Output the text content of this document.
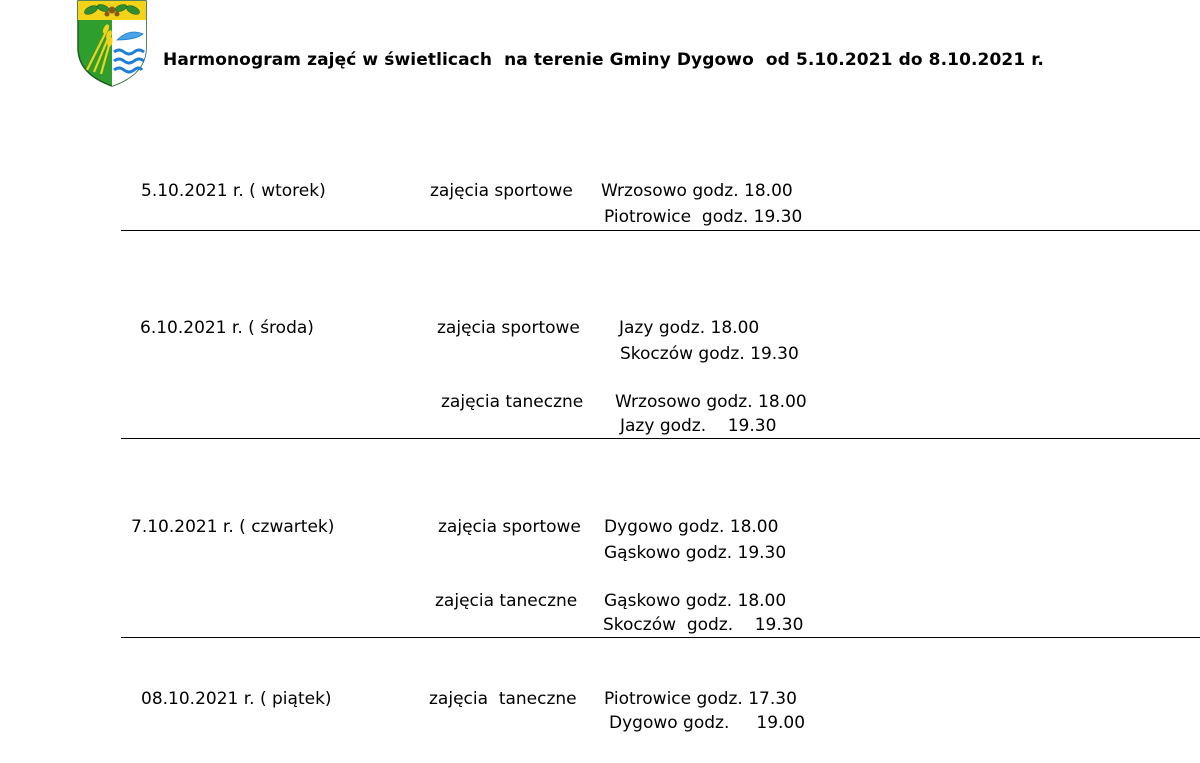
Harmonogram zajęć w świetlicach  na terenie Gminy Dygowo  od 5.10.2021 do 8.10.2021 r.
5.10.2021 r. ( wtorek)	zajęcia sportowe Wrzosowo godz. 18.00
Piotrowice  godz. 19.30
6.10.2021 r. ( środa)	zajęcia sportowe Jazy godz. 18.00
Skoczów godz. 19.30
zajęcia taneczne Wrzosowo godz. 18.00
Jazy godz.    19.30
7.10.2021 r. ( czwartek)	zajęcia sportowe Dygowo godz. 18.00
Gąskowo godz. 19.30
zajęcia taneczne Gąskowo godz. 18.00
Skoczów  godz.    19.30
08.10.2021 r. ( piątek)	zajęcia  taneczne Piotrowice godz. 17.30
Dygowo godz.     19.00
